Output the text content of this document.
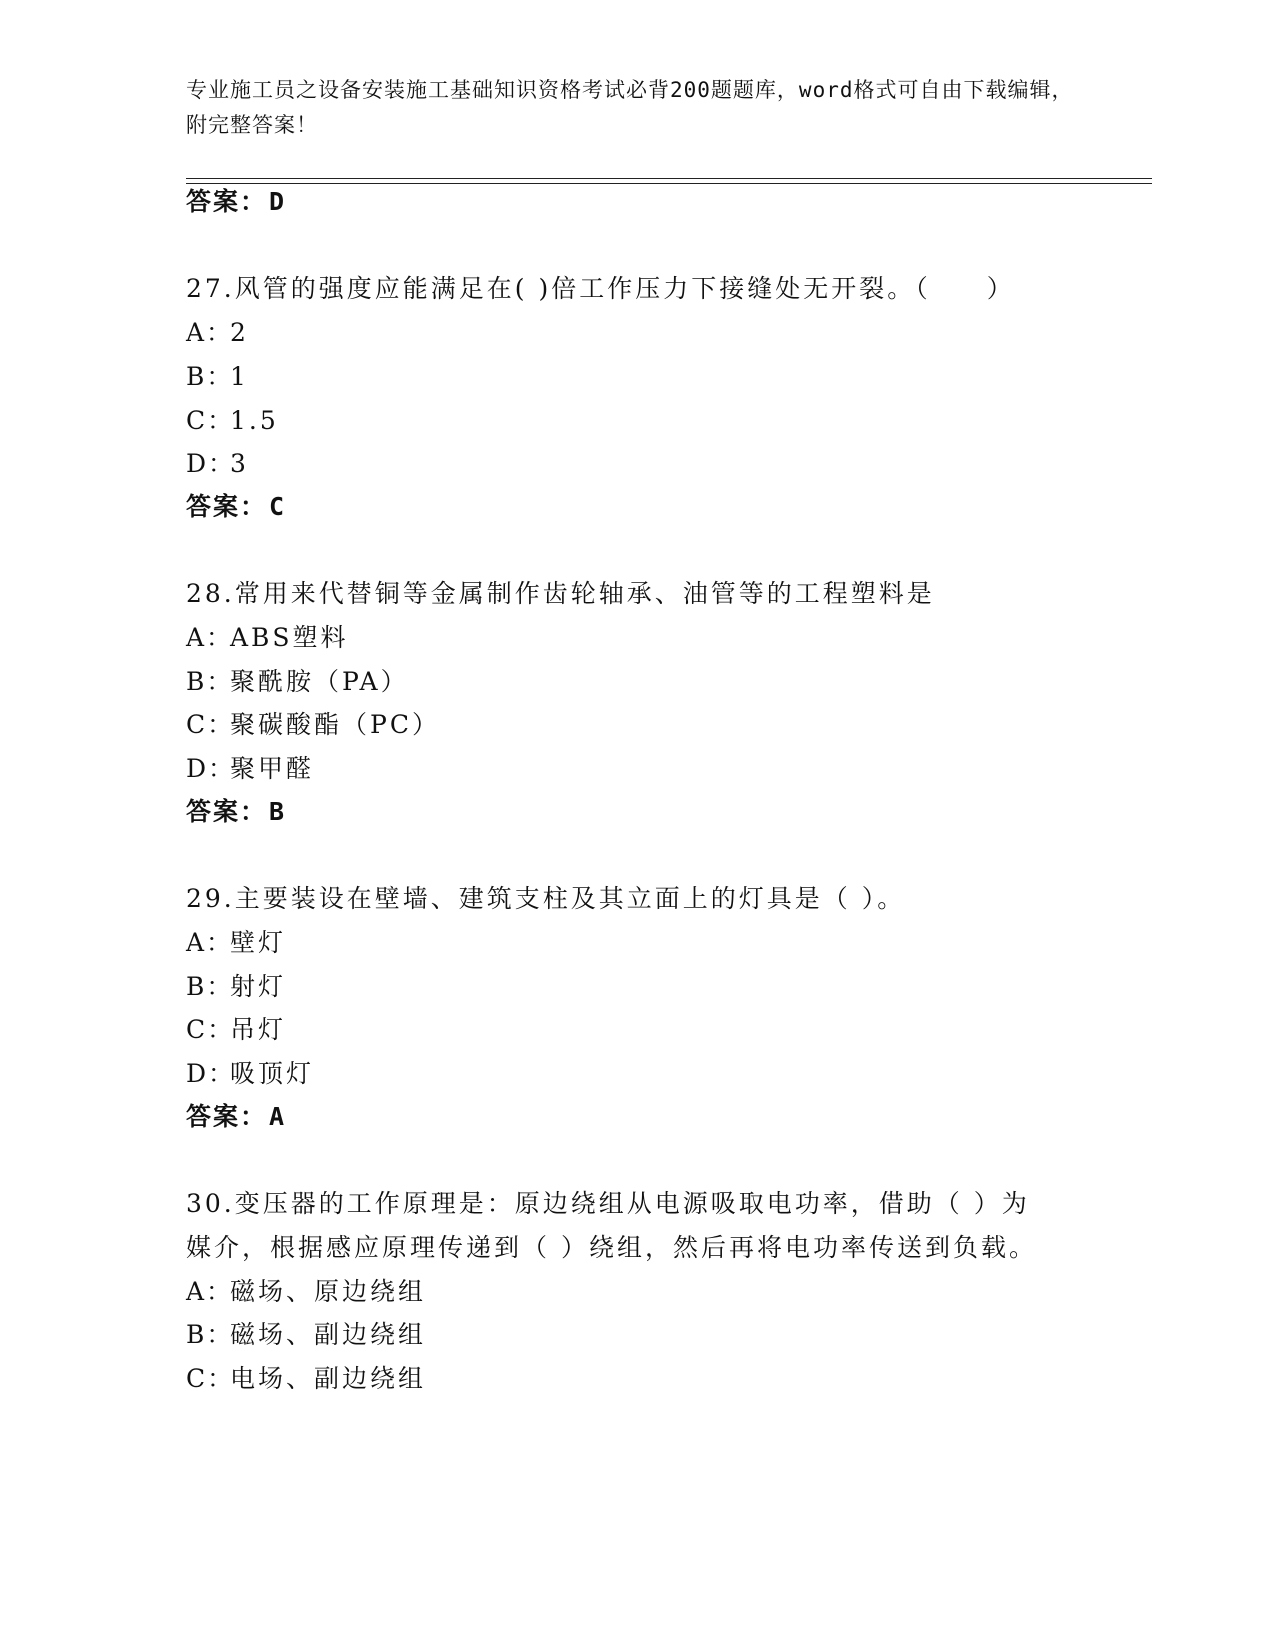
专业施工员之设备安装施工基础知识资格考试必背200题题库，word格式可自由下载编辑，附完整答案！
答案：D
27.风管的强度应能满足在( )倍工作压力下接缝处无开裂。（　　）
A：2
B：1
C：1.5
D：3
答案：C
28.常用来代替铜等金属制作齿轮轴承、油管等的工程塑料是
A：ABS塑料
B：聚酰胺（PA）
C：聚碳酸酯（PC）
D：聚甲醛
答案：B
29.主要装设在壁墙、建筑支柱及其立面上的灯具是（ ）。
A：壁灯
B：射灯
C：吊灯
D：吸顶灯
答案：A
30.变压器的工作原理是：原边绕组从电源吸取电功率，借助（ ）为
媒介，根据感应原理传递到（ ）绕组，然后再将电功率传送到负载。
A：磁场、原边绕组
B：磁场、副边绕组
C：电场、副边绕组
